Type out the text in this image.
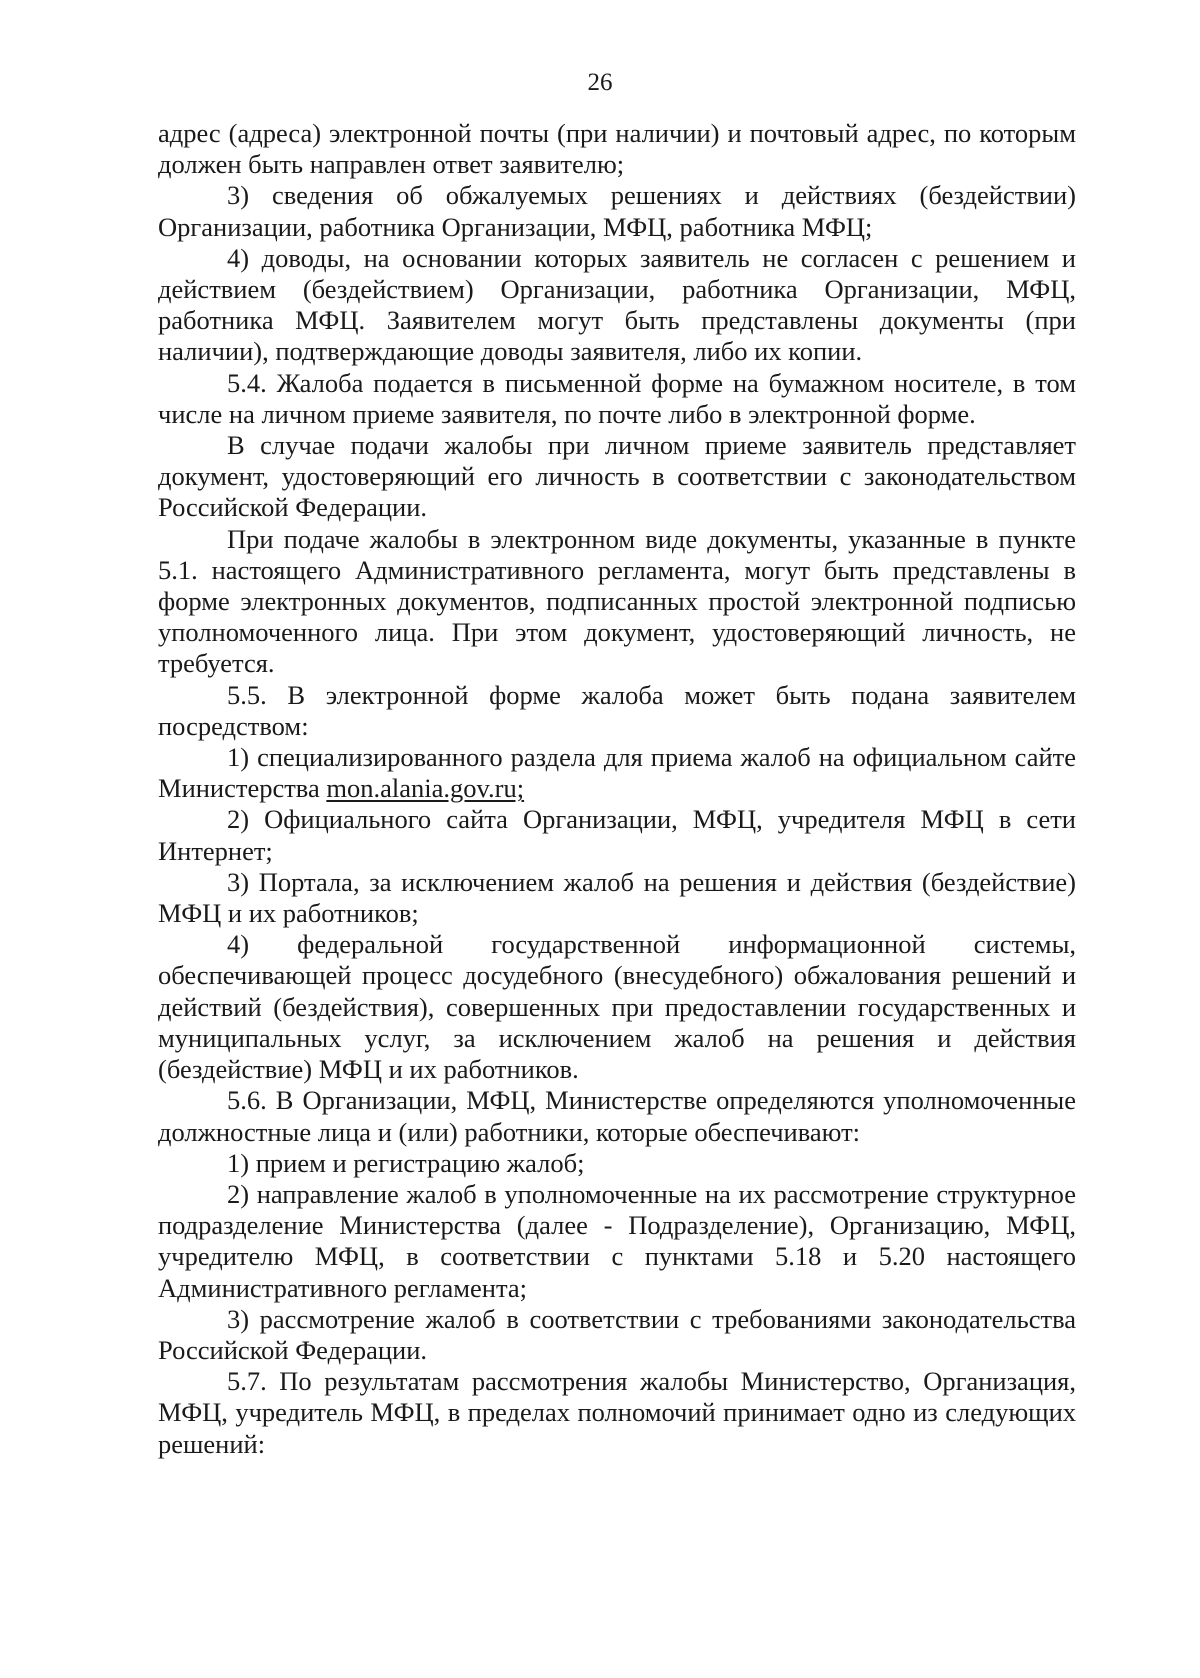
26

адрес (адреса) электронной почты (при наличии) и почтовый адрес, по которым должен быть направлен ответ заявителю;

3) сведения об обжалуемых решениях и действиях (бездействии) Организации, работника Организации, МФЦ, работника МФЦ;

4) доводы, на основании которых заявитель не согласен с решением и действием (бездействием) Организации, работника Организации, МФЦ, работника МФЦ. Заявителем могут быть представлены документы (при наличии), подтверждающие доводы заявителя, либо их копии.

5.4. Жалоба подается в письменной форме на бумажном носителе, в том числе на личном приеме заявителя, по почте либо в электронной форме.

В случае подачи жалобы при личном приеме заявитель представляет документ, удостоверяющий его личность в соответствии с законодательством Российской Федерации.

При подаче жалобы в электронном виде документы, указанные в пункте 5.1. настоящего Административного регламента, могут быть представлены в форме электронных документов, подписанных простой электронной подписью уполномоченного лица. При этом документ, удостоверяющий личность, не требуется.

5.5. В электронной форме жалоба может быть подана заявителем посредством:

1) специализированного раздела для приема жалоб на официальном сайте Министерства mon.alania.gov.ru;

2) Официального сайта Организации, МФЦ, учредителя МФЦ в сети Интернет;

3) Портала, за исключением жалоб на решения и действия (бездействие) МФЦ и их работников;

4) федеральной государственной информационной системы, обеспечивающей процесс досудебного (внесудебного) обжалования решений и действий (бездействия), совершенных при предоставлении государственных и муниципальных услуг, за исключением жалоб на решения и действия (бездействие) МФЦ и их работников.

5.6. В Организации, МФЦ, Министерстве определяются уполномоченные должностные лица и (или) работники, которые обеспечивают:

1) прием и регистрацию жалоб;

2) направление жалоб в уполномоченные на их рассмотрение структурное подразделение Министерства (далее - Подразделение), Организацию, МФЦ, учредителю МФЦ, в соответствии с пунктами 5.18 и 5.20 настоящего Административного регламента;

3) рассмотрение жалоб в соответствии с требованиями законодательства Российской Федерации.

5.7. По результатам рассмотрения жалобы Министерство, Организация, МФЦ, учредитель МФЦ, в пределах полномочий принимает одно из следующих решений:
